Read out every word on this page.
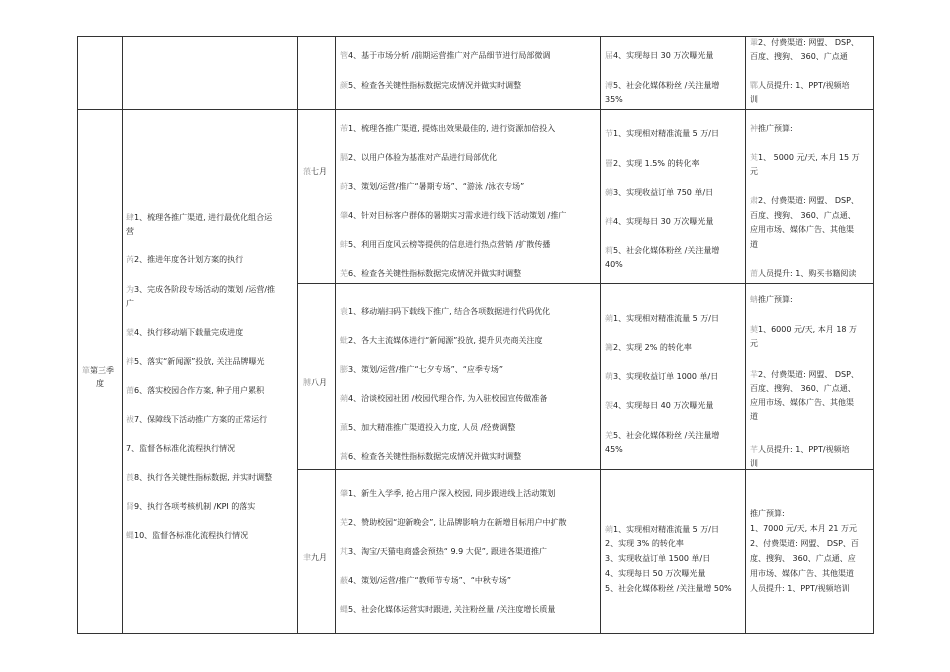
管4、基于市场分析 /前期运营推广对产品细节进行局部微调
颜5、检查各关键性指标数据完成情况并做实时调整
届4、实现每日 30 万次曝光量
溥5、社会化媒体粉丝 /关注量增
35%
輩2、付费渠道: 网盟、 DSP、
百度、搜狗、 360、广点通
鄲人员提升: 1、PPT/视频培
训
箪第三季
度
肆1、梳理各推广渠道, 进行最优化组合运
营
芮2、推进年度各计划方案的执行
为3、完成各阶段专场活动的策划 /运营/推
广
蒙4、执行移动端下载量完成进度
袢5、落实“新闻源”投放, 关注品牌曝光
莆6、落实校园合作方案, 种子用户累积
袚7、保障线下活动推广方案的正常运行
7、监督各标准化流程执行情况
莨8、执行各关键性指标数据, 并实时调整
肾9、执行各项考核机制 /KPI 的落实
蝿10、监督各标准化流程执行情况
蒗七月
芾1、梳理各推广渠道, 提炼出效果最佳的, 进行资源加倍投入
膈2、以用户体验为基准对产品进行局部优化
莳3、策划/运营/推广“暑期专场”、“游泳 /泳衣专场”
肇4、针对目标客户群体的暑期实习需求进行线下活动策划 /推广
蚌5、利用百度风云榜等提供的信息进行热点营销 /扩散传播
芜6、检查各关键性指标数据完成情况并做实时调整
节1、实现相对精准流量 5 万/日
罾2、实现 1.5% 的转化率
薅3、实现收益订单 750 单/日
袢4、实现每日 30 万次曝光量
莉5、社会化媒体粉丝 /关注量增
40%
衶推广预算:
芄1、 5000 元/天, 本月 15 万
元
肃2、付费渠道: 网盟、 DSP、
百度、搜狗、 360、广点通、
应用市场、媒体广告、其他渠
道
莆人员提升: 1、购买书籍阅读
膊八月
袁1、移动端扫码下载线下推广, 结合各项数据进行代码优化
蚍2、各大主流媒体进行“新闻源”投放, 提升贝壳商关注度
膨3、策划/运营/推广“七夕专场”、“应季专场”
蒴4、洽谈校园社团 /校园代理合作, 为入驻校园宣传做准备
薰5、加大精准推广渠道投入力度, 人员 /经费调整
蒿6、检查各关键性指标数据完成情况并做实时调整
蒴1、实现相对精准流量 5 万/日
篝2、实现 2% 的转化率
萌3、实现收益订单 1000 单/日
袈4、实现每日 40 万次曝光量
羌5、社会化媒体粉丝 /关注量增
45%
蚺推广预算:
葜1、6000 元/天, 本月 18 万
元
羋2、付费渠道: 网盟、 DSP、
百度、搜狗、 360、广点通、
应用市场、媒体广告、其他渠
道
芊人员提升: 1、PPT/视频培
训
聿九月
肇1、新生入学季, 抢占用户深入校园, 同步跟进线上活动策划
芜2、赞助校园“迎新晚会”, 让品牌影响力在新增目标用户中扩散
芃3、淘宝/天猫电商盛会预热“ 9.9 大促”, 跟进各渠道推广
蔽4、策划/运营/推广“教师节专场”、“中秋专场”
蝿5、社会化媒体运营实时跟进, 关注粉丝量 /关注度增长质量
蒴1、实现相对精准流量 5 万/日
2、实现 3% 的转化率
3、实现收益订单 1500 单/日
4、实现每日 50 万次曝光量
5、社会化媒体粉丝 /关注量增 50%
推广预算:
1、7000 元/天, 本月 21 万元
2、付费渠道: 网盟、 DSP、百
度、搜狗、 360、广点通、应
用市场、媒体广告、其他渠道
人员提升: 1、PPT/视频培训
